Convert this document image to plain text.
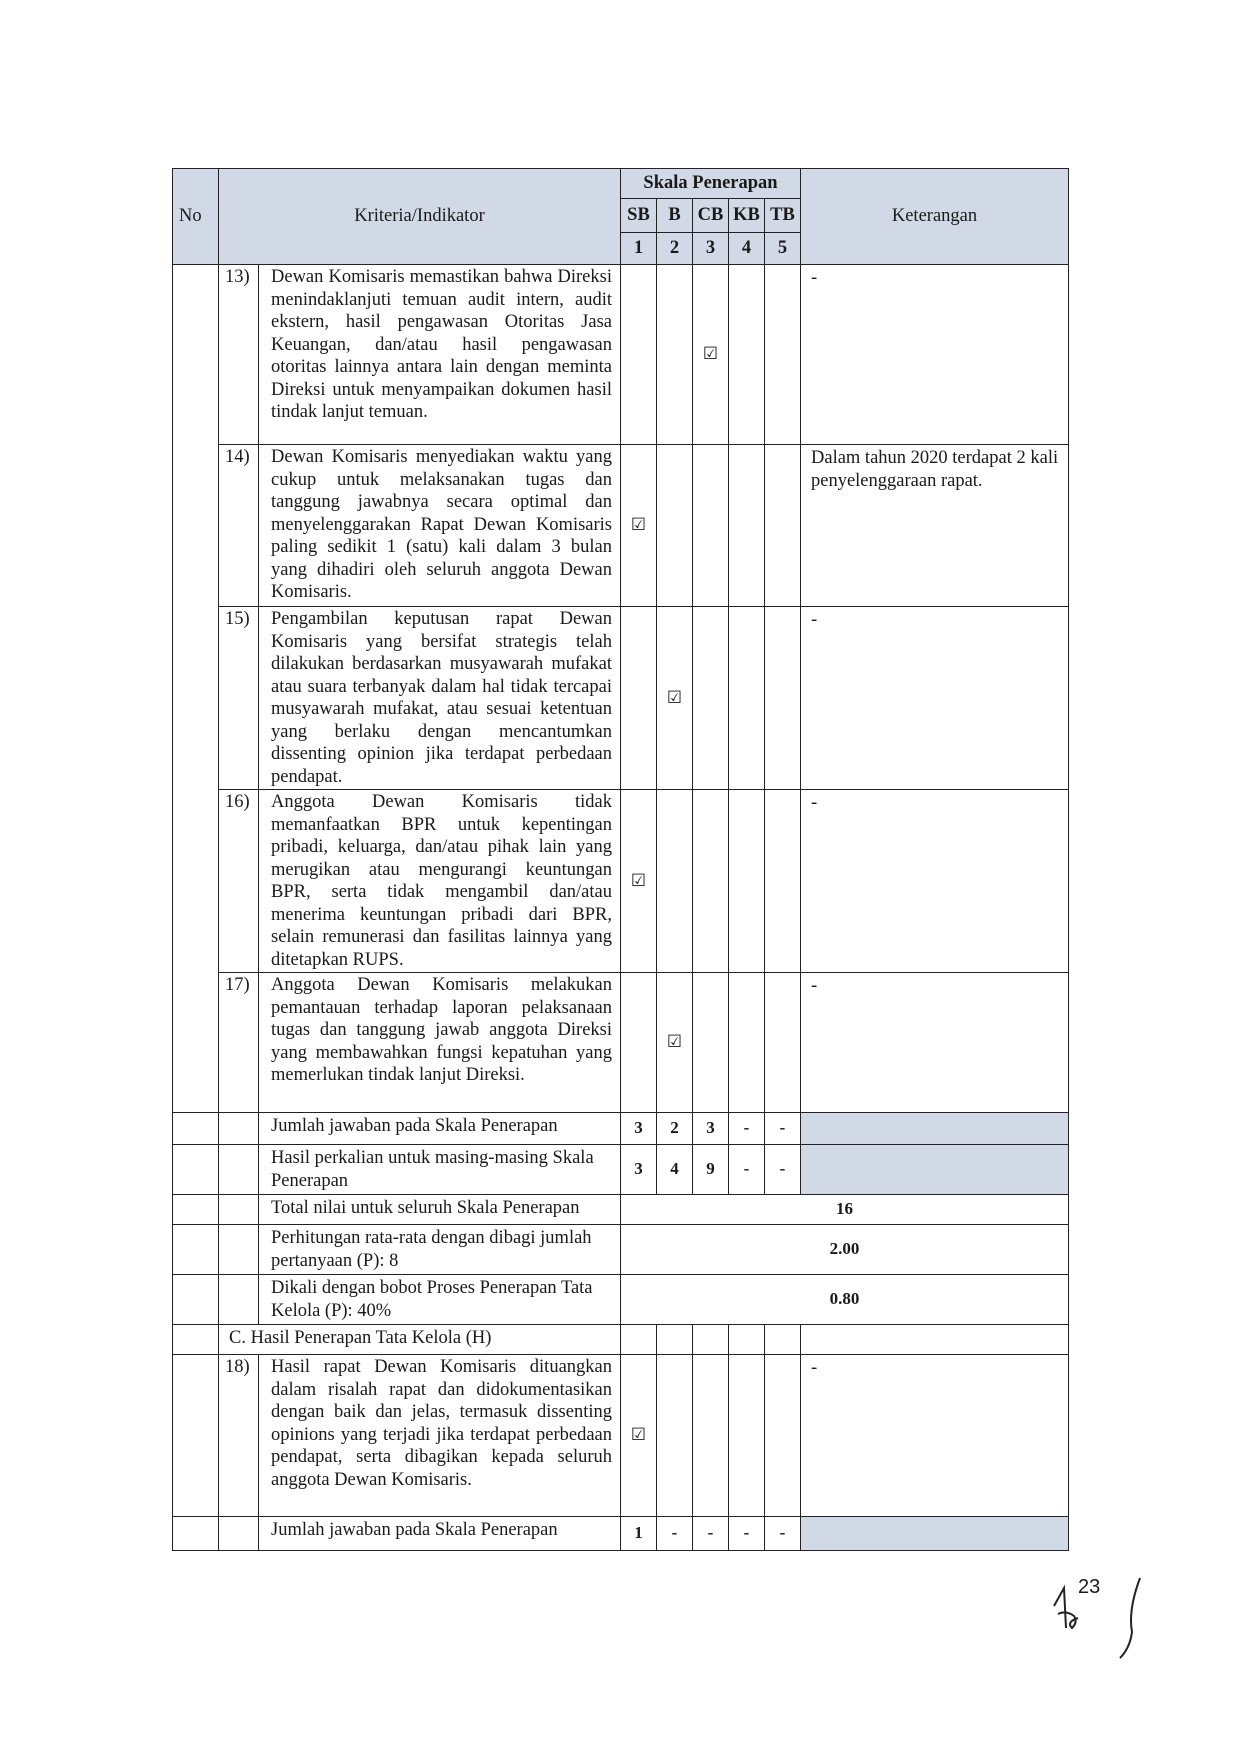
No	Kriteria/Indikator		Skala Penerapan					Keterangan
			SB	B	CB	KB	TB	
			1	2	3	4	5	
	13)	Dewan Komisaris memastikan bahwa Direksi menindaklanjuti temuan audit intern, audit ekstern, hasil pengawasan Otoritas Jasa Keuangan, dan/atau hasil pengawasan otoritas lainnya antara lain dengan meminta Direksi untuk menyampaikan dokumen hasil tindak lanjut temuan.			☑			-
	14)	Dewan Komisaris menyediakan waktu yang cukup untuk melaksanakan tugas dan tanggung jawabnya secara optimal dan menyelenggarakan Rapat Dewan Komisaris paling sedikit 1 (satu) kali dalam 3 bulan yang dihadiri oleh seluruh anggota Dewan Komisaris.	☑					Dalam tahun 2020 terdapat 2 kali penyelenggaraan rapat.
	15)	Pengambilan keputusan rapat Dewan Komisaris yang bersifat strategis telah dilakukan berdasarkan musyawarah mufakat atau suara terbanyak dalam hal tidak tercapai musyawarah mufakat, atau sesuai ketentuan yang berlaku dengan mencantumkan dissenting opinion jika terdapat perbedaan pendapat.		☑				-
	16)	Anggota Dewan Komisaris tidak memanfaatkan BPR untuk kepentingan pribadi, keluarga, dan/atau pihak lain yang merugikan atau mengurangi keuntungan BPR, serta tidak mengambil dan/atau menerima keuntungan pribadi dari BPR, selain remunerasi dan fasilitas lainnya yang ditetapkan RUPS.	☑					-
	17)	Anggota Dewan Komisaris melakukan pemantauan terhadap laporan pelaksanaan tugas dan tanggung jawab anggota Direksi yang membawahkan fungsi kepatuhan yang memerlukan tindak lanjut Direksi.		☑				-
		Jumlah jawaban pada Skala Penerapan	3	2	3	-	-	
		Hasil perkalian untuk masing-masing Skala Penerapan	3	4	9	-	-	
		Total nilai untuk seluruh Skala Penerapan	16					
		Perhitungan rata-rata dengan dibagi jumlah pertanyaan (P): 8	2.00					
		Dikali dengan bobot Proses Penerapan Tata Kelola (P): 40%	0.80					
	C. Hasil Penerapan Tata Kelola (H)							
	18)	Hasil rapat Dewan Komisaris dituangkan dalam risalah rapat dan didokumentasikan dengan baik dan jelas, termasuk dissenting opinions yang terjadi jika terdapat perbedaan pendapat, serta dibagikan kepada seluruh anggota Dewan Komisaris.	☑					-
		Jumlah jawaban pada Skala Penerapan	1	-	-	-	-	
23
